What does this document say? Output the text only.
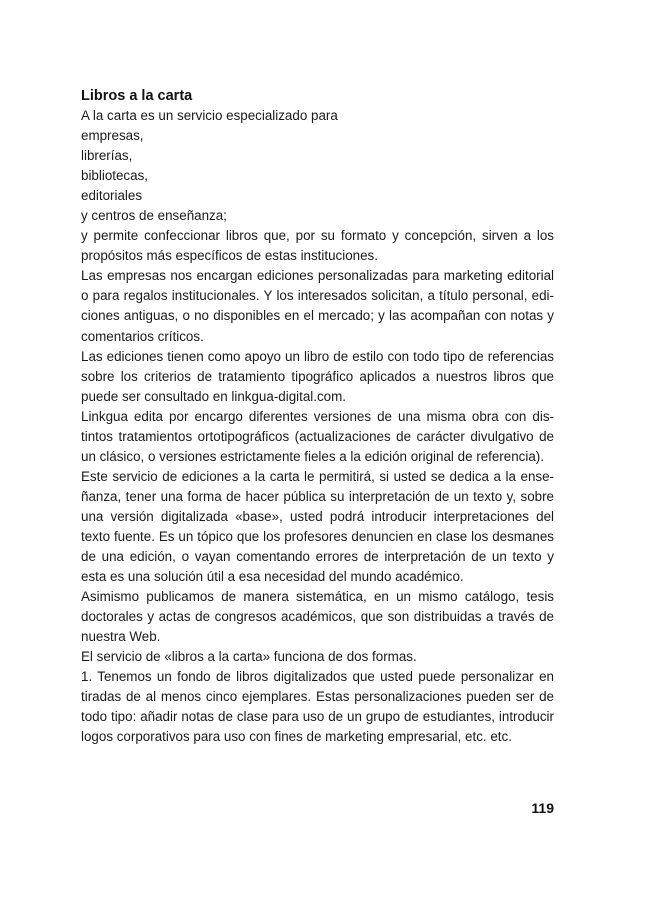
Libros a la carta

A la carta es un servicio especializado para

empresas,

librerías,

bibliotecas,

editoriales

y centros de enseñanza;

y permite confeccionar libros que, por su formato y concepción, sirven a los propósitos más específicos de estas instituciones.

Las empresas nos encargan ediciones personalizadas para marketing editorial o para regalos institucionales. Y los interesados solicitan, a título personal, ediciones antiguas, o no disponibles en el mercado; y las acompañan con notas y comentarios críticos.

Las ediciones tienen como apoyo un libro de estilo con todo tipo de referencias sobre los criterios de tratamiento tipográfico aplicados a nuestros libros que puede ser consultado en linkgua-digital.com.

Linkgua edita por encargo diferentes versiones de una misma obra con distintos tratamientos ortotipográficos (actualizaciones de carácter divulgativo de un clásico, o versiones estrictamente fieles a la edición original de referencia).

Este servicio de ediciones a la carta le permitirá, si usted se dedica a la enseñanza, tener una forma de hacer pública su interpretación de un texto y, sobre una versión digitalizada «base», usted podrá introducir interpretaciones del texto fuente. Es un tópico que los profesores denuncien en clase los desmanes de una edición, o vayan comentando errores de interpretación de un texto y esta es una solución útil a esa necesidad del mundo académico.

Asimismo publicamos de manera sistemática, en un mismo catálogo, tesis doctorales y actas de congresos académicos, que son distribuidas a través de nuestra Web.

El servicio de «libros a la carta» funciona de dos formas.

1. Tenemos un fondo de libros digitalizados que usted puede personalizar en tiradas de al menos cinco ejemplares. Estas personalizaciones pueden ser de todo tipo: añadir notas de clase para uso de un grupo de estudiantes, introducir logos corporativos para uso con fines de marketing empresarial, etc. etc.

119
